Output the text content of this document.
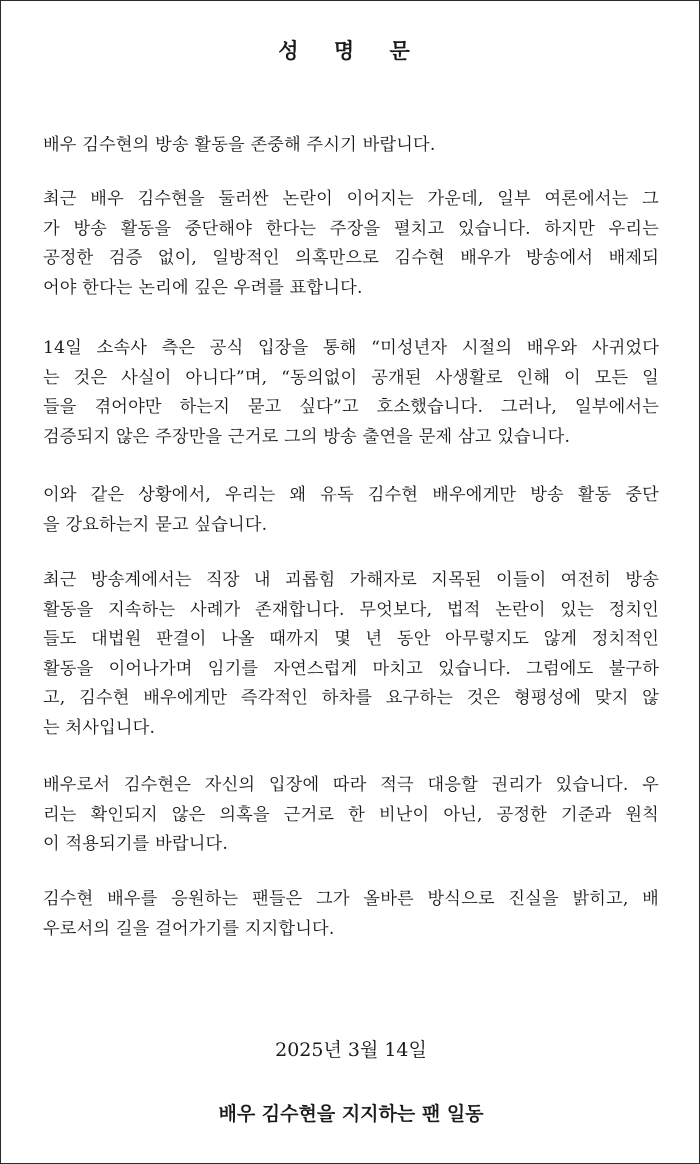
성 명 문

배우 김수현의 방송 활동을 존중해 주시기 바랍니다.

최근 배우 김수현을 둘러싼 논란이 이어지는 가운데, 일부 여론에서는 그
가 방송 활동을 중단해야 한다는 주장을 펼치고 있습니다. 하지만 우리는
공정한 검증 없이, 일방적인 의혹만으로 김수현 배우가 방송에서 배제되
어야 한다는 논리에 깊은 우려를 표합니다.

14일 소속사 측은 공식 입장을 통해 “미성년자 시절의 배우와 사귀었다
는 것은 사실이 아니다”며, “동의없이 공개된 사생활로 인해 이 모든 일
들을 겪어야만 하는지 묻고 싶다”고 호소했습니다. 그러나, 일부에서는
검증되지 않은 주장만을 근거로 그의 방송 출연을 문제 삼고 있습니다.

이와 같은 상황에서, 우리는 왜 유독 김수현 배우에게만 방송 활동 중단
을 강요하는지 묻고 싶습니다.

최근 방송계에서는 직장 내 괴롭힘 가해자로 지목된 이들이 여전히 방송
활동을 지속하는 사례가 존재합니다. 무엇보다, 법적 논란이 있는 정치인
들도 대법원 판결이 나올 때까지 몇 년 동안 아무렇지도 않게 정치적인
활동을 이어나가며 임기를 자연스럽게 마치고 있습니다. 그럼에도 불구하
고, 김수현 배우에게만 즉각적인 하차를 요구하는 것은 형평성에 맞지 않
는 처사입니다.

배우로서 김수현은 자신의 입장에 따라 적극 대응할 권리가 있습니다. 우
리는 확인되지 않은 의혹을 근거로 한 비난이 아닌, 공정한 기준과 원칙
이 적용되기를 바랍니다.

김수현 배우를 응원하는 팬들은 그가 올바른 방식으로 진실을 밝히고, 배
우로서의 길을 걸어가기를 지지합니다.

2025년 3월 14일

배우 김수현을 지지하는 팬 일동
